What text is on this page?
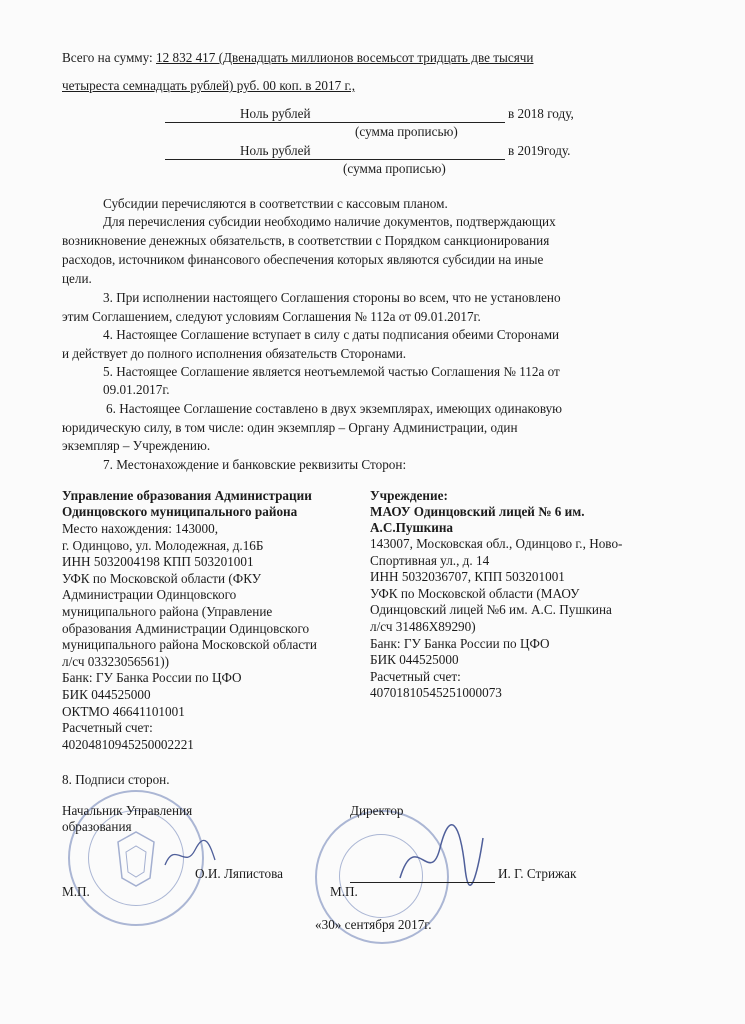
Всего на сумму: 12 832 417 (Двенадцать миллионов восемьсот тридцать две тысячи
четыреста семнадцать рублей) руб. 00 коп. в 2017 г.,
Ноль рублей	в 2018 году,
(сумма прописью)
Ноль рублей	в 2019году.
(сумма прописью)
Субсидии перечисляются в соответствии с кассовым планом.
Для перечисления субсидии необходимо наличие документов, подтверждающих
возникновение денежных обязательств, в соответствии с Порядком санкционирования
расходов, источником финансового обеспечения которых являются субсидии на иные
цели.
3. При исполнении настоящего Соглашения стороны во всем, что не установлено
этим Соглашением, следуют условиям Соглашения № 112а от 09.01.2017г.
4. Настоящее Соглашение вступает в силу с даты подписания обеими Сторонами
и действует до полного исполнения обязательств Сторонами.
5. Настоящее Соглашение является неотъемлемой частью Соглашения № 112а от
09.01.2017г.
6. Настоящее Соглашение составлено в двух экземплярах, имеющих одинаковую
юридическую силу, в том числе: один экземпляр – Органу Администрации, один
экземпляр – Учреждению.
7. Местонахождение и банковские реквизиты Сторон:
Управление образования Администрации
Одинцовского муниципального района
Место нахождения: 143000,
г. Одинцово, ул. Молодежная, д.16Б
ИНН 5032004198 КПП 503201001
УФК по Московской области (ФКУ
Администрации Одинцовского
муниципального района (Управление
образования Администрации Одинцовского
муниципального района Московской области
л/сч 03323056561))
Банк: ГУ Банка России по ЦФО
БИК 044525000
ОКТМО 46641101001
Расчетный счет:
40204810945250002221
Учреждение:
МАОУ Одинцовский лицей № 6 им.
А.С.Пушкина
143007, Московская обл., Одинцово г., Ново-
Спортивная ул., д. 14
ИНН 5032036707, КПП 503201001
УФК по Московской области (МАОУ
Одинцовский лицей №6 им. А.С. Пушкина
л/сч 31486Х89290)
Банк: ГУ Банка России по ЦФО
БИК 044525000
Расчетный счет:
40701810545251000073
8. Подписи сторон.
Начальник Управления
образования
Директор
О.И. Ляпистова	И. Г. Стрижак
М.П.	М.П.
«30» сентября 2017г.
